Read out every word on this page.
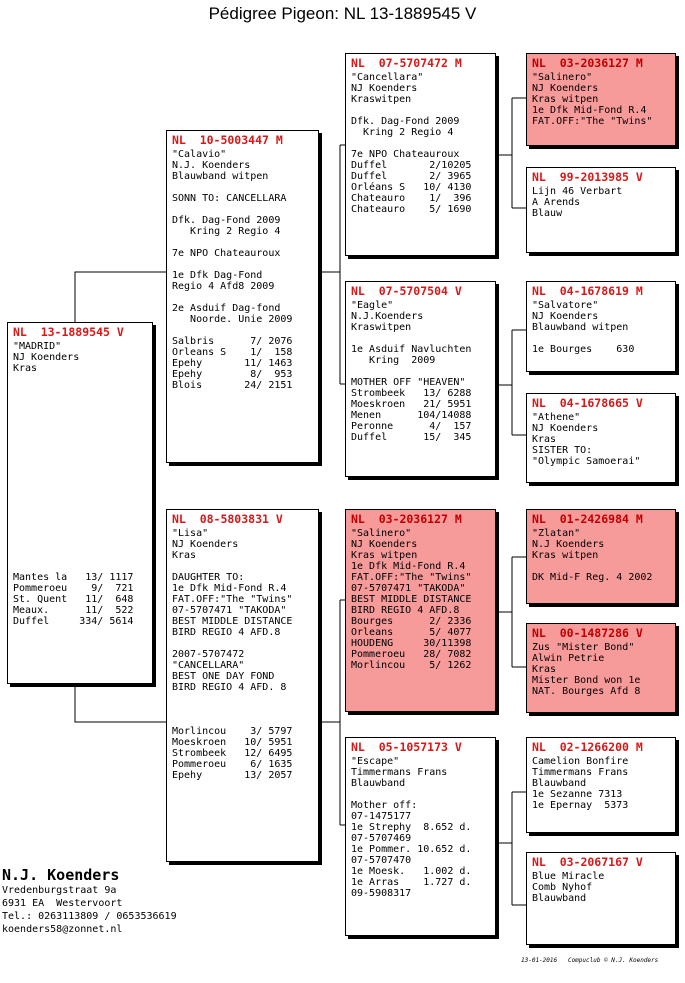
Pédigree Pigeon: NL 13-1889545 V
NL  13-1889545 V
"MADRID"
NJ Koenders
Kras
Mantes la   13/ 1117
Pommeroeu    9/  721
St. Quent   11/  648
Meaux.      11/  522
Duffel     334/ 5614
NL  10-5003447 M
"Calavio"
N.J. Koenders
Blauwband witpen
SONN TO: CANCELLARA
Dfk. Dag-Fond 2009
Kring 2 Regio 4
7e NPO Chateauroux
1e Dfk Dag-Fond
Regio 4 Afd8 2009
2e Asduif Dag-fond
Noorde. Unie 2009
Salbris      7/ 2076
Orleans S    1/  158
Epehy       11/ 1463
Epehy        8/  953
Blois       24/ 2151
NL  08-5803831 V
"Lisa"
NJ Koenders
Kras
DAUGHTER TO:
1e Dfk Mid-Fond R.4
FAT.OFF:"The "Twins"
07-5707471 "TAKODA"
BEST MIDDLE DISTANCE
BIRD REGIO 4 AFD.8
2007-5707472
"CANCELLARA"
BEST ONE DAY FOND
BIRD REGIO 4 AFD. 8
Morlincou    3/ 5797
Moeskroen   10/ 5951
Strombeek   12/ 6495
Pommeroeu    6/ 1635
Epehy       13/ 2057
NL  07-5707472 M
"Cancellara"
NJ Koenders
Kraswitpen
Dfk. Dag-Fond 2009
Kring 2 Regio 4
7e NPO Chateauroux
Duffel       2/10205
Duffel       2/ 3965
Orléans S   10/ 4130
Chateauro    1/  396
Chateauro    5/ 1690
NL  07-5707504 V
"Eagle"
N.J.Koenders
Kraswitpen
1e Asduif Navluchten
Kring  2009
MOTHER OFF "HEAVEN"
Strombeek   13/ 6288
Moeskroen   21/ 5951
Menen      104/14088
Peronne      4/  157
Duffel      15/  345
NL  03-2036127 M
"Salinero"
NJ Koenders
Kras witpen
1e Dfk Mid-Fond R.4
FAT.OFF:"The "Twins"
07-5707471 "TAKODA"
BEST MIDDLE DISTANCE
BIRD REGIO 4 AFD.8
Bourges      2/ 2336
Orleans      5/ 4077
HOUDENG     30/11398
Pommeroeu   28/ 7082
Morlincou    5/ 1262
NL  05-1057173 V
"Escape"
Timmermans Frans
Blauwband
Mother off:
07-1475177
1e Strephy  8.652 d.
07-5707469
1e Pommer. 10.652 d.
07-5707470
1e Moesk.   1.002 d.
1e Arras    1.727 d.
09-5908317
NL  03-2036127 M
"Salinero"
NJ Koenders
Kras witpen
1e Dfk Mid-Fond R.4
FAT.OFF:"The "Twins"
NL  99-2013985 V
Lijn 46 Verbart
A Arends
Blauw
NL  04-1678619 M
"Salvatore"
NJ Koenders
Blauwband witpen
1e Bourges    630
NL  04-1678665 V
"Athene"
NJ Koenders
Kras
SISTER TO:
"Olympic Samoerai"
NL  01-2426984 M
"Zlatan"
N.J Koenders
Kras witpen
DK Mid-F Reg. 4 2002
NL  00-1487286 V
Zus "Mister Bond"
Alwin Petrie
Kras
Mister Bond won 1e
NAT. Bourges Afd 8
NL  02-1266200 M
Camelion Bonfire
Timmermans Frans
Blauwband
1e Sezanne 7313
1e Epernay  5373
NL  03-2067167 V
Blue Miracle
Comb Nyhof
Blauwband
N.J. Koenders
Vredenburgstraat 9a
6931 EA  Westervoort
Tel.: 0263113809 / 0653536619
koenders58@zonnet.nl
13-01-2016   Compuclub © N.J. Koenders
